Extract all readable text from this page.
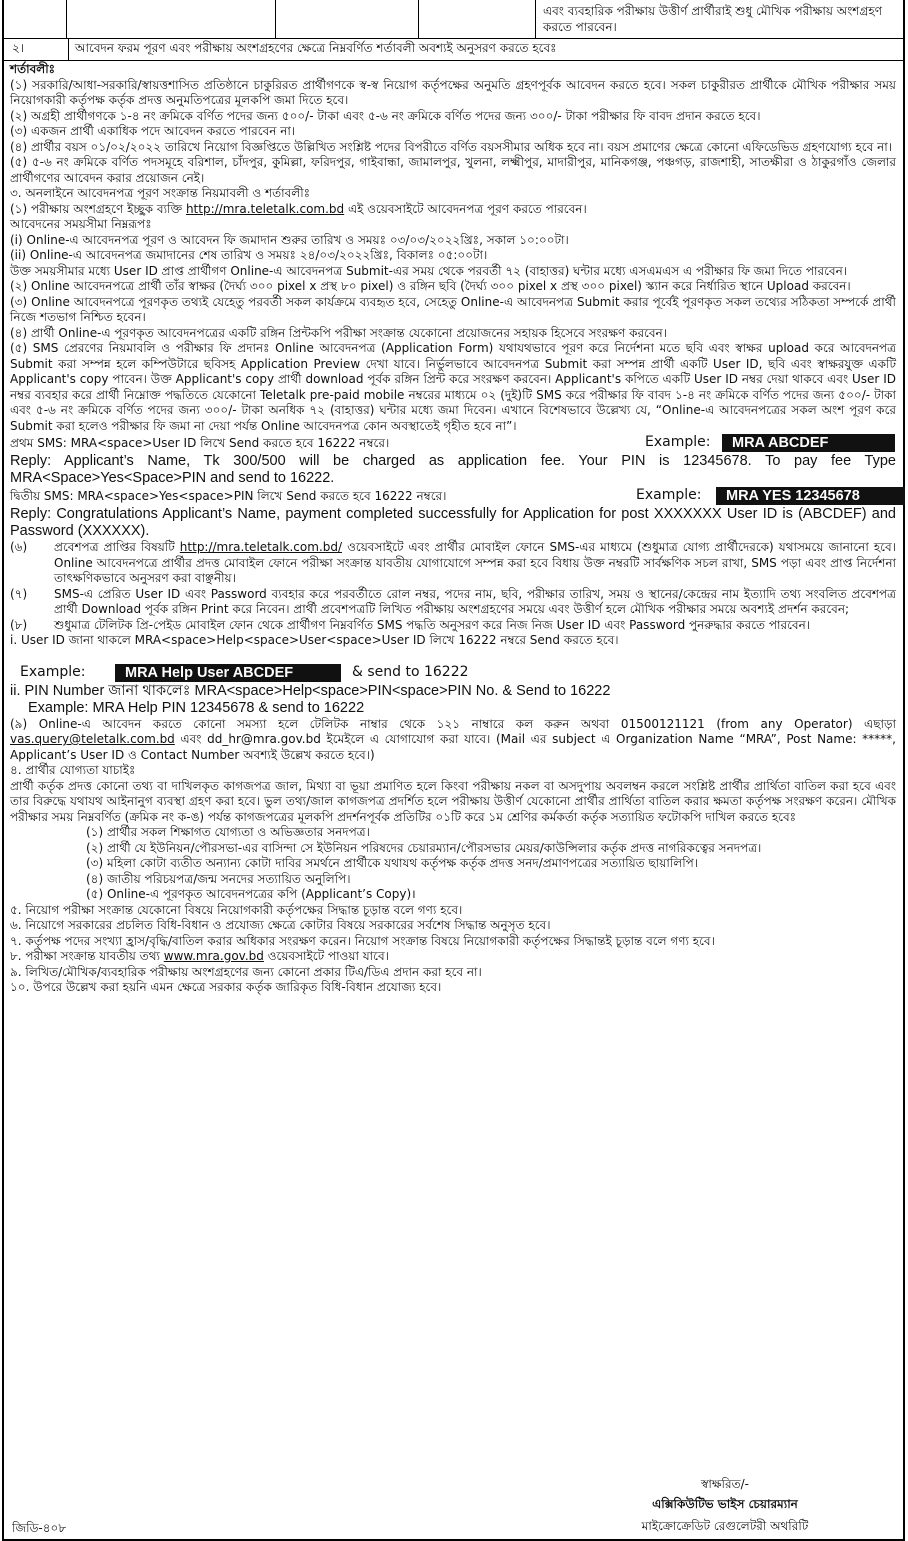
এবং ব্যবহারিক পরীক্ষায় উত্তীর্ণ প্রার্থীরাই শুধু মৌখিক পরীক্ষায় অংশগ্রহণ করতে পারবেন।
২।	আবেদন ফরম পূরণ এবং পরীক্ষায় অংশগ্রহণের ক্ষেত্রে নিম্নবর্ণিত শর্তাবলী অবশ্যই অনুসরণ করতে হবেঃ

শর্তাবলীঃ

(১) সরকারি/আধা-সরকারি/স্বায়ত্তশাসিত প্রতিষ্ঠানে চাকুরিরত প্রার্থীগণকে স্ব-স্ব নিয়োগ কর্তৃপক্ষের অনুমতি গ্রহণপূর্বক আবেদন করতে হবে। সকল চাকুরীরত প্রার্থীকে মৌখিক পরীক্ষার সময় নিয়োগকারী কর্তৃপক্ষ কর্তৃক প্রদত্ত অনুমতিপত্রের মূলকপি জমা দিতে হবে।

(২) অগ্রহী প্রার্থীগণকে ১-৪ নং ক্রমিকে বর্ণিত পদের জন্য ৫০০/- টাকা এবং ৫-৬ নং ক্রমিকে বর্ণিত পদের জন্য ৩০০/- টাকা পরীক্ষার ফি বাবদ প্রদান করতে হবে।

(৩) একজন প্রার্থী একাধিক পদে আবেদন করতে পারবেন না।

(৪) প্রার্থীর বয়স ০১/০২/২০২২ তারিখে নিয়োগ বিজ্ঞপ্তিতে উল্লিখিত সংশ্লিষ্ট পদের বিপরীতে বর্ণিত বয়সসীমার অধিক হবে না। বয়স প্রমাণের ক্ষেত্রে কোনো এফিডেভিড গ্রহণযোগ্য হবে না।

(৫) ৫-৬ নং ক্রমিকে বর্ণিত পদসমূহে বরিশাল, চাঁদপুর, কুমিল্লা, ফরিদপুর, গাইবান্ধা, জামালপুর, খুলনা, লক্ষ্মীপুর, মাদারীপুর, মানিকগঞ্জ, পঞ্চগড়, রাজশাহী, সাতক্ষীরা ও ঠাকুরগাঁও জেলার প্রার্থীগণের আবেদন করার প্রয়োজন নেই।

৩. অনলাইনে আবেদনপত্র পূরণ সংক্রান্ত নিয়মাবলী ও শর্তাবলীঃ

(১) পরীক্ষায় অংশগ্রহণে ইচ্ছুক ব্যক্তি http://mra.teletalk.com.bd এই ওয়েবসাইটে আবেদনপত্র পূরণ করতে পারবেন।

আবেদনের সময়সীমা নিম্নরূপঃ

(i) Online-এ আবেদনপত্র পূরণ ও আবেদন ফি জমাদান শুরুর তারিখ ও সময়ঃ ০৩/০৩/২০২২খ্রিঃ, সকাল ১০:০০টা।

(ii) Online-এ আবেদনপত্র জমাদানের শেষ তারিখ ও সময়ঃ ২৪/০৩/২০২২খ্রিঃ, বিকালঃ ০৫:০০টা।

উক্ত সময়সীমার মধ্যে User ID প্রাপ্ত প্রার্থীগণ Online-এ আবেদনপত্র Submit-এর সময় থেকে পরবর্তী ৭২ (বাহাত্তর) ঘন্টার মধ্যে এসএমএস এ পরীক্ষার ফি জমা দিতে পারবেন।

(২) Online আবেদনপত্রে প্রার্থী তাঁর স্বাক্ষর (দৈর্ঘ্য ৩০০ pixel x প্রস্থ ৮০ pixel) ও রঙ্গিন ছবি (দৈর্ঘ্য ৩০০ pixel x প্রস্থ ৩০০ pixel) স্ক্যান করে নির্ধারিত স্থানে Upload করবেন।

(৩) Online আবেদনপত্রে পূরণকৃত তথ্যই যেহেতু পরবর্তী সকল কার্যক্রমে ব্যবহৃত হবে, সেহেতু Online-এ আবেদনপত্র Submit করার পূর্বেই পূরণকৃত সকল তথ্যের সঠিকতা সম্পর্কে প্রার্থী নিজে শতভাগ নিশ্চিত হবেন।

(৪) প্রার্থী Online-এ পূরণকৃত আবেদনপত্রের একটি রঙ্গিন প্রিন্টকপি পরীক্ষা সংক্রান্ত যেকোনো প্রয়োজনের সহায়ক হিসেবে সংরক্ষণ করবেন।

(৫) SMS প্রেরণের নিয়মাবলি ও পরীক্ষার ফি প্রদানঃ Online আবেদনপত্র (Application Form) যথাযথভাবে পূরণ করে নির্দেশনা মতে ছবি এবং স্বাক্ষর upload করে আবেদনপত্র Submit করা সম্পন্ন হলে কম্পিউটারে ছবিসহ Application Preview দেখা যাবে। নির্ভুলভাবে আবেদনপত্র Submit করা সম্পন্ন প্রার্থী একটি User ID, ছবি এবং স্বাক্ষরযুক্ত একটি Applicant's copy পাবেন। উক্ত Applicant's copy প্রার্থী download পূর্বক রঙ্গিন প্রিন্ট করে সংরক্ষণ করবেন। Applicant's কপিতে একটি User ID নম্বর দেয়া থাকবে এবং User ID নম্বর ব্যবহার করে প্রার্থী নিম্নোক্ত পদ্ধতিতে যেকোনো Teletalk pre-paid mobile নম্বরের মাধ্যমে ০২ (দুই)টি SMS করে পরীক্ষার ফি বাবদ ১-৪ নং ক্রমিকে বর্ণিত পদের জন্য ৫০০/- টাকা এবং ৫-৬ নং ক্রমিকে বর্ণিত পদের জন্য ৩০০/- টাকা অনধিক ৭২ (বাহাত্তর) ঘন্টার মধ্যে জমা দিবেন। এখানে বিশেষভাবে উল্লেখ্য যে, “Online-এ আবেদনপত্রের সকল অংশ পূরণ করে Submit করা হলেও পরীক্ষার ফি জমা না দেয়া পর্যন্ত Online আবেদনপত্র কোন অবস্থাতেই গৃহীত হবে না”।

প্রথম SMS: MRA<space>User ID লিখে Send করতে হবে 16222 নম্বরে।	Example:	MRA ABCDEF

Reply: Applicant’s Name, Tk 300/500 will be charged as application fee. Your PIN is 12345678. To pay fee Type MRA<Space>Yes<Space>PIN and send to 16222.

দ্বিতীয় SMS: MRA<space>Yes<space>PIN লিখে Send করতে হবে 16222 নম্বরে।	Example:	MRA YES 12345678

Reply: Congratulations Applicant’s Name, payment completed successfully for Application for post XXXXXXX User ID is (ABCDEF) and Password (XXXXXX).

(৬) প্রবেশপত্র প্রাপ্তির বিষয়টি http://mra.teletalk.com.bd/ ওয়েবসাইটে এবং প্রার্থীর মোবাইল ফোনে SMS-এর মাধ্যমে (শুধুমাত্র যোগ্য প্রার্থীদেরকে) যথাসময়ে জানানো হবে। Online আবেদনপত্রে প্রার্থীর প্রদত্ত মোবাইল ফোনে পরীক্ষা সংক্রান্ত যাবতীয় যোগাযোগে সম্পন্ন করা হবে বিধায় উক্ত নম্বরটি সার্বক্ষণিক সচল রাখা, SMS পড়া এবং প্রাপ্ত নির্দেশনা তাৎক্ষণিকভাবে অনুসরণ করা বাঞ্ছনীয়।
(৭) SMS-এ প্রেরিত User ID এবং Password ব্যবহার করে পরবর্তীতে রোল নম্বর, পদের নাম, ছবি, পরীক্ষার তারিখ, সময় ও স্থানের/কেন্দ্রের নাম ইত্যাদি তথ্য সংবলিত প্রবেশপত্র প্রার্থী Download পূর্বক রঙ্গিন Print করে নিবেন। প্রার্থী প্রবেশপত্রটি লিখিত পরীক্ষায় অংশগ্রহণের সময়ে এবং উত্তীর্ণ হলে মৌখিক পরীক্ষার সময়ে অবশ্যই প্রদর্শন করবেন;
(৮) শুধুমাত্র টেলিটক প্রি-পেইড মোবাইল ফোন থেকে প্রার্থীগণ নিম্নবর্ণিত SMS পদ্ধতি অনুসরণ করে নিজ নিজ User ID এবং Password পুনরুদ্ধার করতে পারবেন।

i. User ID জানা থাকলে MRA<space>Help<space>User<space>User ID লিখে 16222 নম্বরে Send করতে হবে।

Example:	MRA Help User ABCDEF	& send to 16222

ii. PIN Number জানা থাকলেঃ MRA<space>Help<space>PIN<space>PIN No. & Send to 16222

Example: MRA Help PIN 12345678 & send to 16222

(৯) Online-এ আবেদন করতে কোনো সমস্যা হলে টেলিটক নাম্বার থেকে ১২১ নাম্বারে কল করুন অথবা 01500121121 (from any Operator) এছাড়া vas.query@teletalk.com.bd এবং dd_hr@mra.gov.bd ইমেইলে এ যোগাযোগ করা যাবে। (Mail এর subject এ Organization Name “MRA”, Post Name: *****, Applicant’s User ID ও Contact Number অবশ্যই উল্লেখ করতে হবে।)

৪. প্রার্থীর যোগ্যতা যাচাইঃ

প্রার্থী কর্তৃক প্রদত্ত কোনো তথ্য বা দাখিলকৃত কাগজপত্র জাল, মিথ্যা বা ভূয়া প্রমাণিত হলে কিংবা পরীক্ষায় নকল বা অসদুপায় অবলম্বন করলে সংশ্লিষ্ট প্রার্থীর প্রার্থিতা বাতিল করা হবে এবং তার বিরুদ্ধে যথাযথ আইনানুগ ব্যবস্থা গ্রহণ করা হবে। ভুল তথ্য/জাল কাগজপত্র প্রদর্শিত হলে পরীক্ষায় উত্তীর্ণ যেকোনো প্রার্থীর প্রার্থিতা বাতিল করার ক্ষমতা কর্তৃপক্ষ সংরক্ষণ করেন। মৌখিক পরীক্ষার সময় নিম্নবর্ণিত (ক্রমিক নং ক-ঙ) পর্যন্ত কাগজপত্রের মূলকপি প্রদর্শনপূর্বক প্রতিটির ০১টি করে ১ম শ্রেণির কর্মকর্তা কর্তৃক সত্যায়িত ফটোকপি দাখিল করতে হবেঃ

(১) প্রার্থীর সকল শিক্ষাগত যোগ্যতা ও অভিজ্ঞতার সনদপত্র।
(২) প্রার্থী যে ইউনিয়ন/পৌরসভা-এর বাসিন্দা সে ইউনিয়ন পরিষদের চেয়ারম্যান/পৌরসভার মেয়র/কাউন্সিলার কর্তৃক প্রদত্ত নাগরিকত্বের সনদপত্র।
(৩) মহিলা কোটা ব্যতীত অন্যান্য কোটা দাবির সমর্থনে প্রার্থীকে যথাযথ কর্তৃপক্ষ কর্তৃক প্রদত্ত সনদ/প্রমাণপত্রের সত্যায়িত ছায়ালিপি।
(৪) জাতীয় পরিচয়পত্র/জন্ম সনদের সত্যায়িত অনুলিপি।
(৫) Online-এ পূরণকৃত আবেদনপত্রের কপি (Applicant’s Copy)।

৫. নিয়োগ পরীক্ষা সংক্রান্ত যেকোনো বিষয়ে নিয়োগকারী কর্তৃপক্ষের সিদ্ধান্ত চূড়ান্ত বলে গণ্য হবে।

৬. নিয়োগে সরকারের প্রচলিত বিধি-বিধান ও প্রযোজ্য ক্ষেত্রে কোটার বিষয়ে সরকারের সর্বশেষ সিদ্ধান্ত অনুসৃত হবে।

৭. কর্তৃপক্ষ পদের সংখ্যা হ্রাস/বৃদ্ধি/বাতিল করার অধিকার সংরক্ষণ করেন। নিয়োগ সংক্রান্ত বিষয়ে নিয়োগকারী কর্তৃপক্ষের সিদ্ধান্তই চূড়ান্ত বলে গণ্য হবে।

৮. পরীক্ষা সংক্রান্ত যাবতীয় তথ্য www.mra.gov.bd ওয়েবসাইটে পাওয়া যাবে।

৯. লিখিত/মৌখিক/ব্যবহারিক পরীক্ষায় অংশগ্রহণের জন্য কোনো প্রকার টিএ/ডিএ প্রদান করা হবে না।

১০. উপরে উল্লেখ করা হয়নি এমন ক্ষেত্রে সরকার কর্তৃক জারিকৃত বিধি-বিধান প্রযোজ্য হবে।

স্বাক্ষরিত/-
এক্সিকিউটিভ ভাইস চেয়ারম্যান
মাইক্রোক্রেডিট রেগুলেটরী অথরিটি
জিডি-৪০৮
